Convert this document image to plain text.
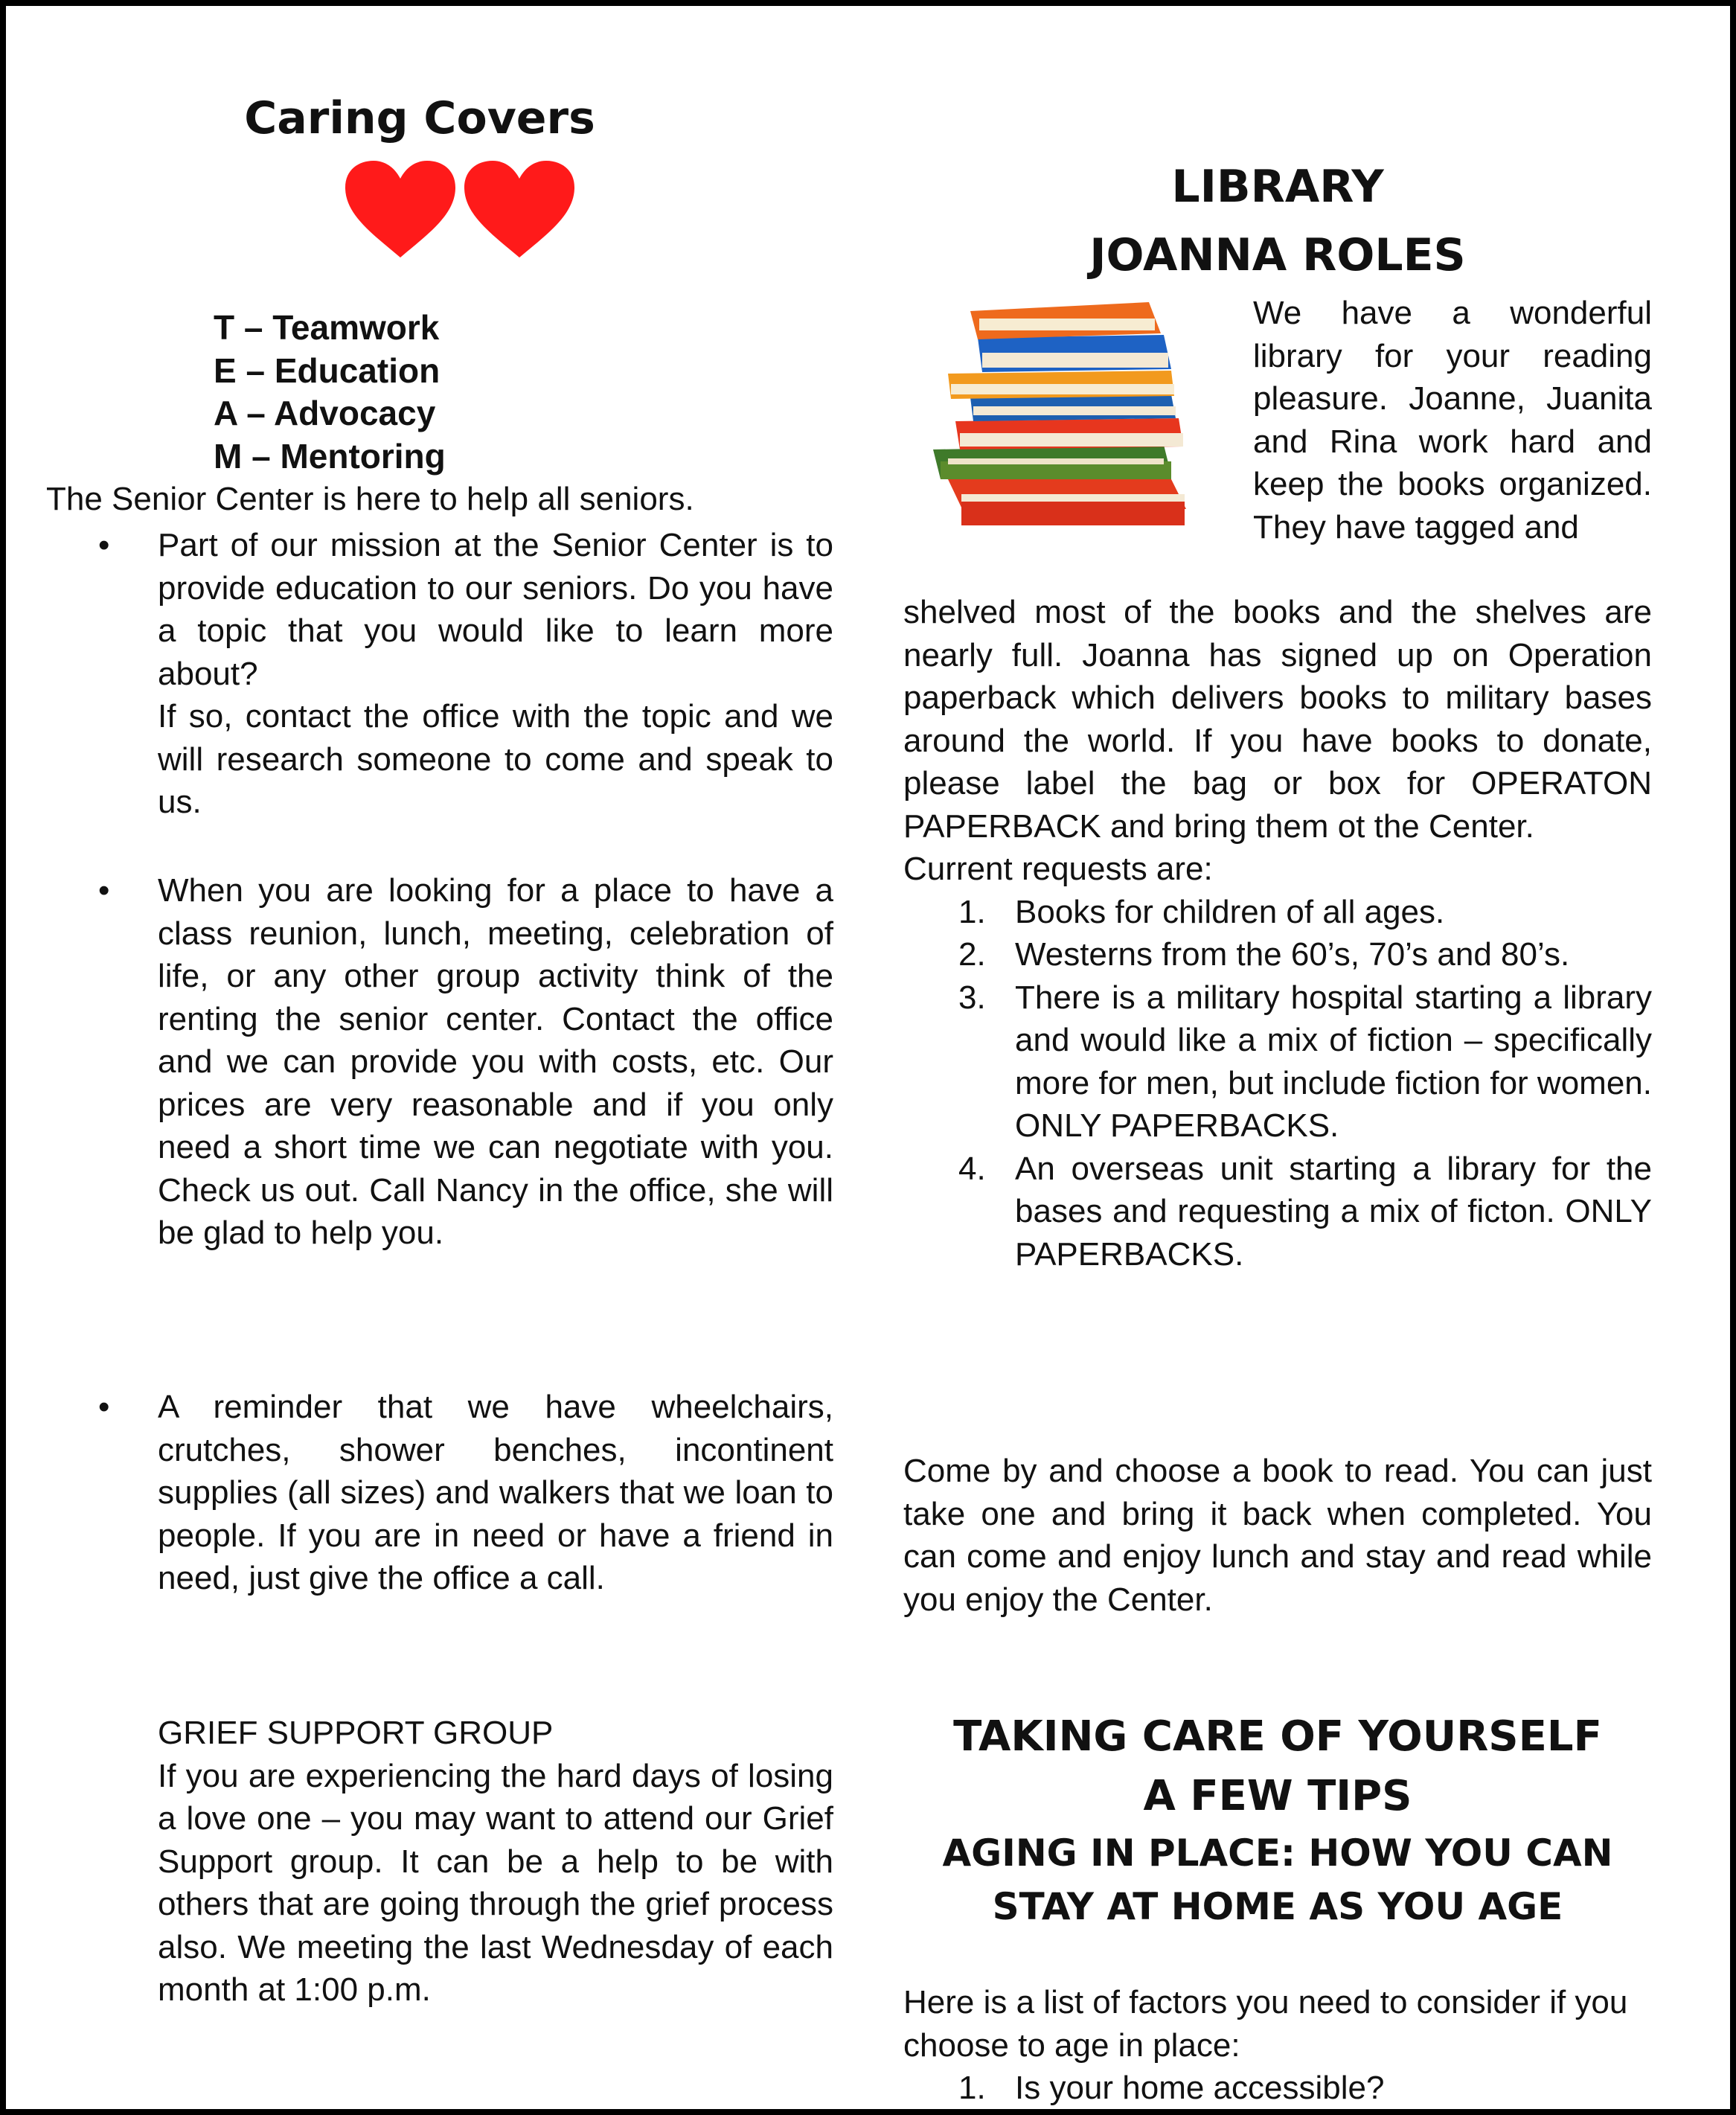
Caring Covers
T – Teamwork
E – Education
A – Advocacy
M – Mentoring
The Senior Center is here to help all seniors.
• Part of our mission at the Senior Center is to provide education to our seniors. Do you have a topic that you would like to learn more about?
If so, contact the office with the topic and we will research someone to come and speak to us.
• When you are looking for a place to have a class reunion, lunch, meeting, celebration of life, or any other group activity think of the renting the senior center. Contact the office and we can provide you with costs, etc. Our prices are very reasonable and if you only need a short time we can negotiate with you. Check us out. Call Nancy in the office, she will be glad to help you.
• A reminder that we have wheelchairs, crutches, shower benches, incontinent supplies (all sizes) and walkers that we loan to people. If you are in need or have a friend in need, just give the office a call.
GRIEF SUPPORT GROUP
If you are experiencing the hard days of losing a love one – you may want to attend our Grief Support group. It can be a help to be with others that are going through the grief process also. We meeting the last Wednesday of each month at 1:00 p.m.
LIBRARY
JOANNA ROLES
We have a wonderful library for your reading pleasure. Joanne, Juanita and Rina work hard and keep the books organized. They have tagged and
shelved most of the books and the shelves are nearly full. Joanna has signed up on Operation paperback which delivers books to military bases around the world. If you have books to donate, please label the bag or box for OPERATON PAPERBACK and bring them ot the Center.
Current requests are:
1. Books for children of all ages.
2. Westerns from the 60’s, 70’s and 80’s.
3. There is a military hospital starting a library and would like a mix of fiction – specifically more for men, but include fiction for women. ONLY PAPERBACKS.
4. An overseas unit starting a library for the bases and requesting a mix of ficton. ONLY PAPERBACKS.
Come by and choose a book to read. You can just take one and bring it back when completed. You can come and enjoy lunch and stay and read while you enjoy the Center.
TAKING CARE OF YOURSELF
A FEW TIPS
AGING IN PLACE: HOW YOU CAN
STAY AT HOME AS YOU AGE
Here is a list of factors you need to consider if you choose to age in place:
1. Is your home accessible?
